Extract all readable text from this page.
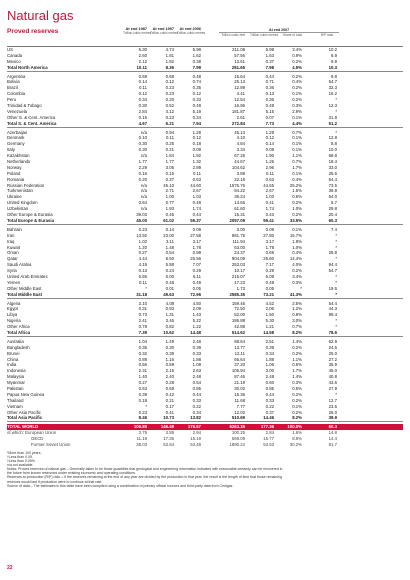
Natural gas
Proved reserves	At end 1987
Trillion cubic metres
At end 1997
Trillion cubic metres
At end 2006
Trillion cubic metres
Trillion cubic feet Trillion cubic metres	Share of total	R/P ratio
At end 2007
US	5.30	4.74	5.98	211.08	5.98	3.4%	10.2
Canada	2.60	1.81	1.62	57.56	1.63	0.9%	8.9
Mexico	2.12	1.82	0.38	13.61	0.37	0.2%	9.9
Total North America	10.11	8.36	7.99	281.65	7.98	4.5%	10.3
Argentina	0.69	0.68	0.48	15.64	0.44	0.2%	9.8
Bolivia	0.14	0.12	0.74	25.13	0.71	0.4%	54.7
Brazil	0.11	0.23	0.35	12.89	0.36	0.2%	32.3
Colombia	0.12	0.23	0.12	4.41	0.13	0.1%	16.2
Peru	0.34	0.20	0.33	12.54	0.36	0.2%	*
Trinidad & Tobago	0.30	0.52	0.49	16.96	0.48	0.3%	12.3
Venezuela	2.84	4.12	5.19	181.87	5.15	2.9%	*
Other S. & Cent. America	0.15	0.23	0.34	2.61	0.07	0.1%	31.8
Total S. & Cent. America	4.67	6.21	7.94	272.84	7.73	4.4%	51.2
Azerbaijan	n/a	0.94	1.28	45.13	1.28	0.7%	*
Denmark	0.10	0.11	0.12	4.10	0.12	0.1%	12.8
Germany	0.30	0.25	0.18	4.84	0.14	0.1%	8.8
Italy	0.30	0.21	0.09	3.34	0.09	0.1%	10.0
Kazakhstan	n/a	1.84	1.92	67.25	1.90	1.1%	68.8
Netherlands	1.77	1.77	1.32	44.67	1.26	0.7%	18.4
Norway	2.29	3.05	2.89	104.62	2.96	1.7%	33.0
Poland	0.16	0.15	0.11	3.89	0.11	0.1%	25.6
Romania	0.20	0.37	0.63	22.18	0.63	0.4%	54.4
Russian Federation	n/a	45.10	44.60	1576.76	44.65	25.2%	73.5
Turkmenistan	n/a	2.71	2.67	94.22	2.67	1.5%	39.8
Ukraine	n/a	1.00	1.03	36.24	1.03	0.6%	54.0
United Kingdom	0.64	0.77	0.48	14.65	0.41	0.2%	5.7
Uzbekistan	n/a	1.93	1.74	61.60	1.74	1.0%	29.8
Other Europe & Eurasia	39.03	0.45	0.44	15.31	0.43	0.2%	20.4
Total Europe & Eurasia	45.00	61.02	59.37	2097.09	59.41	33.5%	60.3
Bahrain	0.23	0.14	0.09	3.00	0.09	0.1%	7.4
Iran	13.92	23.00	27.58	981.75	27.80	15.7%	*
Iraq	1.02	3.11	3.17	111.94	3.17	1.8%	*
Kuwait	1.20	1.48	1.78	63.00	1.78	1.0%	*
Oman	0.27	0.54	0.98	24.37	0.69	0.4%	28.8
Qatar	4.44	8.50	25.56	904.09	25.60	14.4%	*
Saudi Arabia	4.19	5.88	7.07	253.03	7.17	4.0%	94.4
Syria	0.13	0.24	0.29	10.17	0.29	0.2%	54.7
United Arab Emirates	5.66	6.00	6.11	215.07	6.09	3.4%	*
Yemen	0.11	0.48	0.49	17.23	0.49	0.3%	*
Other Middle East	*	0.01	0.05	1.73	0.05	*	19.5
Total Middle East	31.18	49.63	72.96	2585.35	73.21	41.3%	*
Algeria	3.10	4.08	4.50	159.46	4.52	2.5%	54.4
Egypt	0.31	0.93	2.09	72.50	2.06	1.2%	44.3
Libya	0.73	1.31	1.43	52.00	1.50	0.8%	99.4
Nigeria	2.41	3.46	5.22	186.88	5.30	3.0%	*
Other Africa	0.78	0.82	1.22	42.88	1.21	0.7%	*
Total Africa	7.39	10.62	14.48	514.62	14.58	8.2%	78.6
Australia	1.04	1.49	2.48	88.64	2.51	1.4%	62.9
Bangladesh	0.35	0.30	0.39	13.77	0.39	0.2%	24.5
Brunei	0.32	0.39	0.33	12.11	0.34	0.2%	25.0
China	0.88	1.16	1.88	66.64	1.88	1.1%	27.2
India	0.56	0.59	1.08	37.20	1.06	0.6%	35.9
Indonesia	2.31	2.15	2.63	105.94	3.00	1.7%	45.0
Malaysia	1.40	2.40	2.48	87.46	2.48	1.4%	40.8
Myanmar	0.27	0.28	0.54	21.19	0.60	0.3%	43.6
Pakistan	0.63	0.69	0.85	30.02	0.85	0.5%	27.9
Papua New Guinea	0.39	0.42	0.44	15.36	0.44	0.2%	*
Thailand	0.18	0.21	0.33	11.68	0.33	0.2%	12.7
Vietnam	*	0.17	0.22	7.77	0.22	0.1%	23.5
Other Asia Pacific	0.23	0.41	0.34	12.02	0.37	0.2%	26.0
Total Asia Pacific	8.46	10.73	13.82	510.69	14.46	8.2%	39.9
TOTAL WORLD	106.80	146.49	176.57	6263.35	177.36	100.0%	60.3
of which: European Union	3.79	3.89	2.94	100.25	2.84	1.6%	14.8
OECD	11.19	17.36	15.19	569.09	15.77	8.9%	14.4
Former Soviet Union	38.03	53.84	53.49	1890.24	53.53	30.2%	81.7
*More than 100 years.
†Less than 0.05.
◊Less than 0.05%.
n/a not available.
Notes: Proved reserves of natural gas – Generally taken to be those quantities that geological and engineering information indicates with reasonable certainty can be recovered in
the future from known reservoirs under existing economic and operating conditions.
Reserves-to-production (R/P) ratio – If the reserves remaining at the end of any year are divided by the production in that year, the result is the length of time that those remaining
reserves would last if production were to continue at that rate.
Source of data – The estimates in this table have been compiled using a combination of primary official sources and third-party data from Cedigaz.
22
